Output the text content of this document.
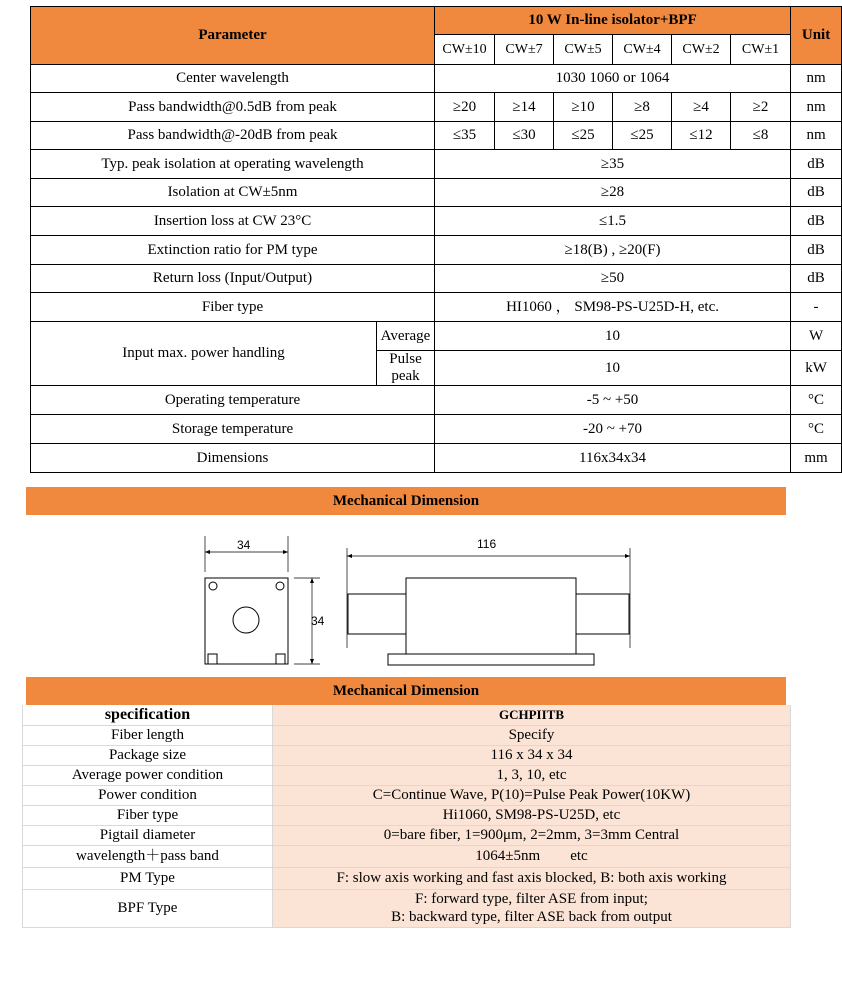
Parameter		10 W In-line isolator+BPF						Unit
		CW±10	CW±7	CW±5	CW±4	CW±2	CW±1	
Center wavelength		1030 1060 or 1064						nm
Pass bandwidth@0.5dB from peak		≥20	≥14	≥10	≥8	≥4	≥2	nm
Pass bandwidth@-20dB from peak		≤35	≤30	≤25	≤25	≤12	≤8	nm
Typ. peak isolation at operating wavelength		≥35						dB
Isolation at CW±5nm		≥28						dB
Insertion loss at CW 23°C		≤1.5						dB
Extinction ratio for PM type		≥18(B) , ≥20(F)						dB
Return loss (Input/Output)		≥50						dB
Fiber type		HI1060 ， SM98-PS-U25D-H, etc.						-
Input max. power handling	Average	10						W
	Pulse peak	10						kW
Operating temperature		-5 ~ +50						°C
Storage temperature		-20 ~ +70						°C
Dimensions		116x34x34						mm
Mechanical Dimension
34
34
116
Mechanical Dimension
specification	GCHPIITB
Fiber length	Specify
Package size	116 x 34 x 34
Average power condition	1, 3, 10, etc
Power condition	C=Continue Wave, P(10)=Pulse Peak Power(10KW)
Fiber type	Hi1060, SM98-PS-U25D, etc
Pigtail diameter	0=bare fiber, 1=900μm, 2=2mm, 3=3mm Central
wavelength＋pass band	1064±5nm        etc
PM Type	F: slow axis working and fast axis blocked, B: both axis working
BPF Type	F: forward type, filter ASE from input;
B: backward type, filter ASE back from output
